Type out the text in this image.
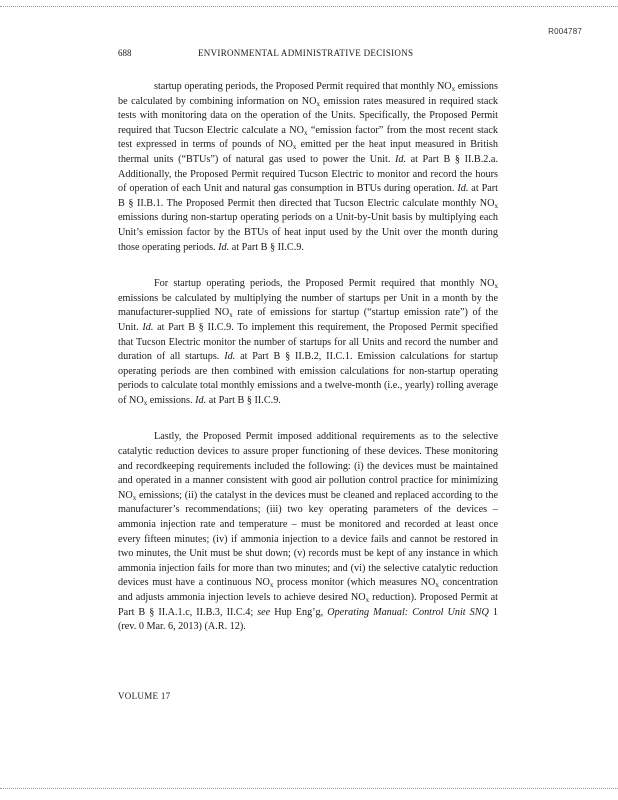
R004787
688	ENVIRONMENTAL ADMINISTRATIVE DECISIONS

startup operating periods, the Proposed Permit required that monthly $NO_x$ emissions be calculated by combining information on $NO_x$ emission rates measured in required stack tests with monitoring data on the operation of the Units. Specifically, the Proposed Permit required that Tucson Electric calculate a $NO_x$ “emission factor” from the most recent stack test expressed in terms of pounds of $NO_x$ emitted per the heat input measured in British thermal units (“BTUs”) of natural gas used to power the Unit. Id. at Part B § II.B.2.a. Additionally, the Proposed Permit required Tucson Electric to monitor and record the hours of operation of each Unit and natural gas consumption in BTUs during operation. Id. at Part B § II.B.1. The Proposed Permit then directed that Tucson Electric calculate monthly $NO_x$ emissions during non-startup operating periods on a Unit-by-Unit basis by multiplying each Unit’s emission factor by the BTUs of heat input used by the Unit over the month during those operating periods. Id. at Part B § II.C.9.

For startup operating periods, the Proposed Permit required that monthly $NO_x$ emissions be calculated by multiplying the number of startups per Unit in a month by the manufacturer-supplied $NO_x$ rate of emissions for startup (“startup emission rate”) of the Unit. Id. at Part B § II.C.9. To implement this requirement, the Proposed Permit specified that Tucson Electric monitor the number of startups for all Units and record the number and duration of all startups. Id. at Part B § II.B.2, II.C.1. Emission calculations for startup operating periods are then combined with emission calculations for non-startup operating periods to calculate total monthly emissions and a twelve-month (i.e., yearly) rolling average of $NO_x$ emissions. Id. at Part B § II.C.9.

Lastly, the Proposed Permit imposed additional requirements as to the selective catalytic reduction devices to assure proper functioning of these devices. These monitoring and recordkeeping requirements included the following: (i) the devices must be maintained and operated in a manner consistent with good air pollution control practice for minimizing $NO_x$ emissions; (ii) the catalyst in the devices must be cleaned and replaced according to the manufacturer’s recommendations; (iii) two key operating parameters of the devices – ammonia injection rate and temperature – must be monitored and recorded at least once every fifteen minutes; (iv) if ammonia injection to a device fails and cannot be restored in two minutes, the Unit must be shut down; (v) records must be kept of any instance in which ammonia injection fails for more than two minutes; and (vi) the selective catalytic reduction devices must have a continuous $NO_x$ process monitor (which measures $NO_x$ concentration and adjusts ammonia injection levels to achieve desired $NO_x$ reduction). Proposed Permit at Part B § II.A.1.c, II.B.3, II.C.4; see Hup Eng’g, Operating Manual: Control Unit SNQ 1 (rev. 0 Mar. 6, 2013) (A.R. 12).

VOLUME 17
